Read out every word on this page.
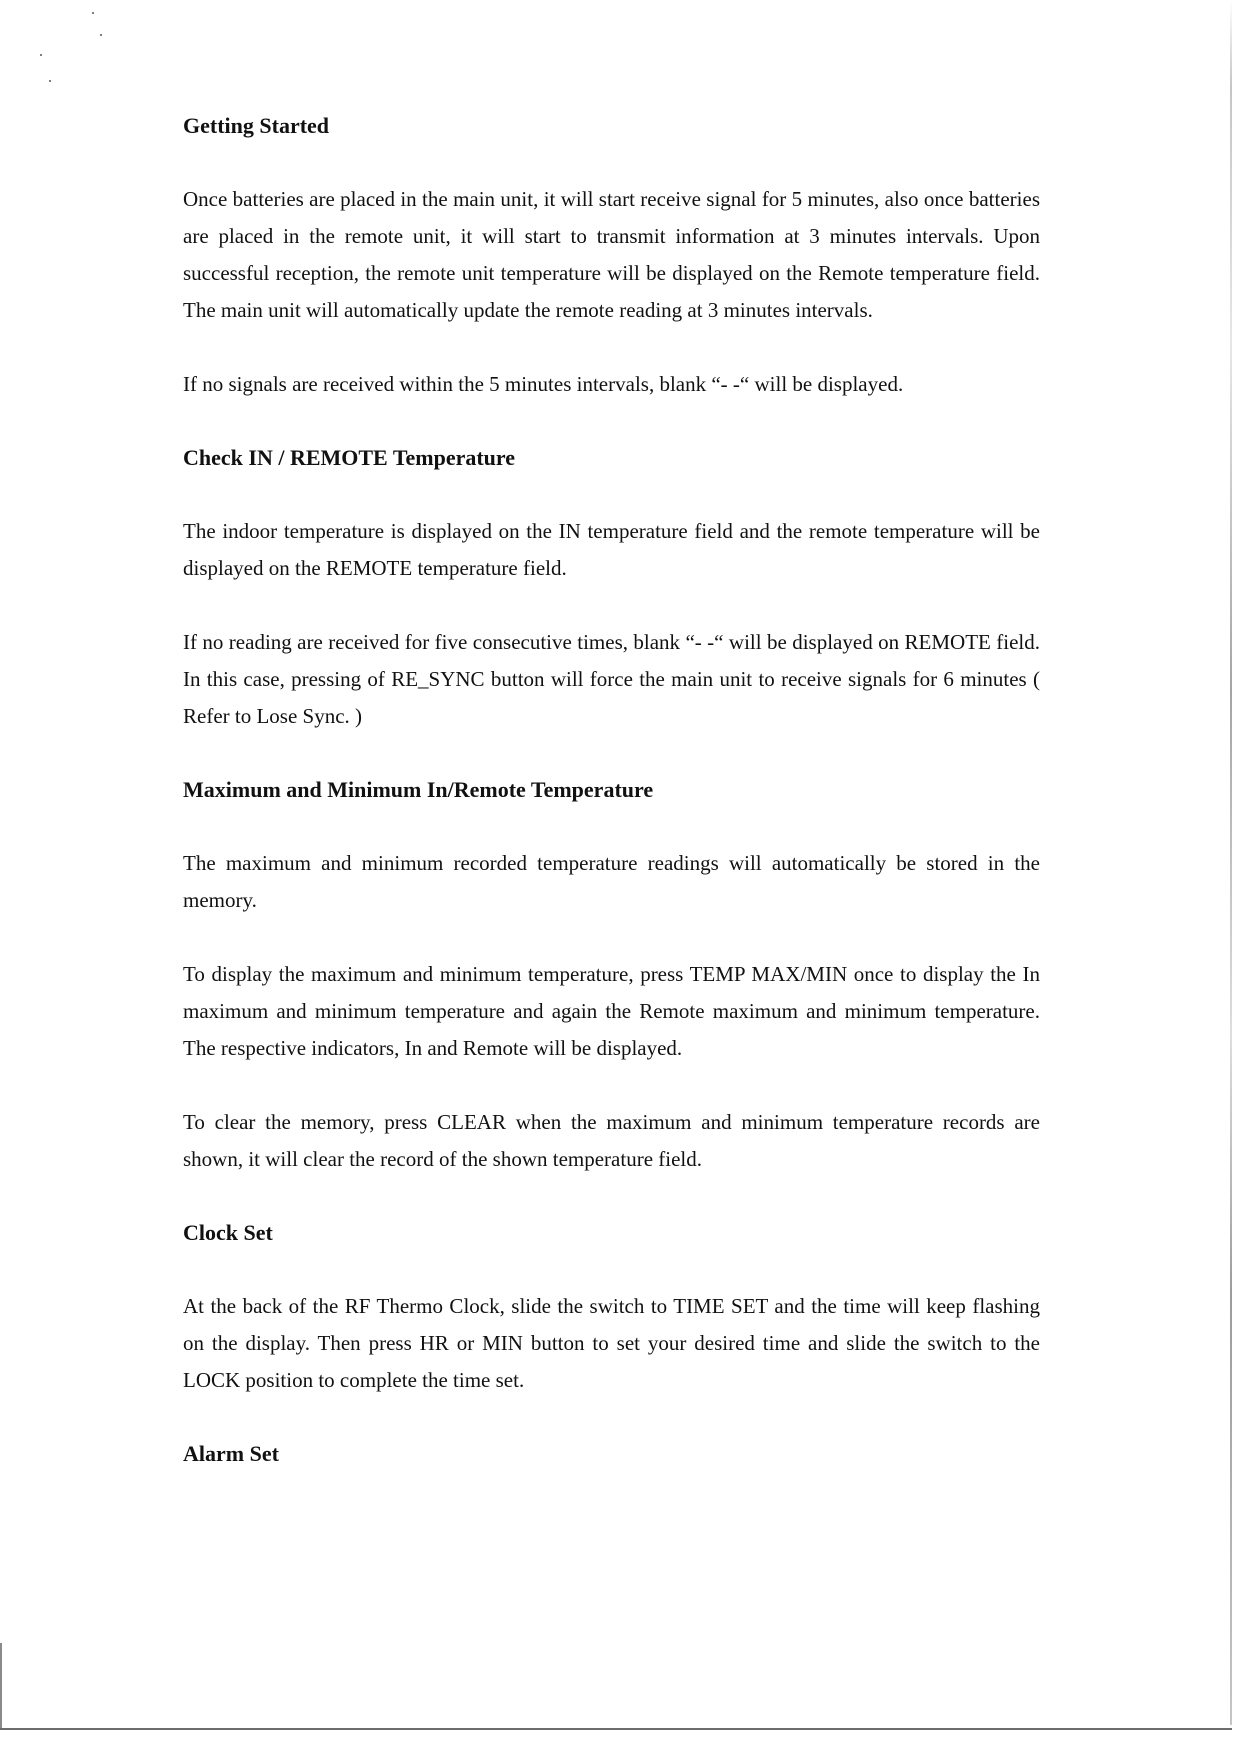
Getting Started

Once batteries are placed in the main unit, it will start receive signal for 5 minutes, also once batteries are placed in the remote unit, it will start to transmit information at 3 minutes intervals. Upon successful reception, the remote unit temperature will be displayed on the Remote temperature field. The main unit will automatically update the remote reading at 3 minutes intervals.

If no signals are received within the 5 minutes intervals, blank “- -“ will be displayed.

Check IN / REMOTE Temperature

The indoor temperature is displayed on the IN temperature field and the remote temperature will be displayed on the REMOTE temperature field.

If no reading are received for five consecutive times, blank “- -“ will be displayed on REMOTE field. In this case, pressing of RE_SYNC button will force the main unit to receive signals for 6 minutes ( Refer to Lose Sync. )

Maximum and Minimum In/Remote Temperature

The maximum and minimum recorded temperature readings will automatically be stored in the memory.

To display the maximum and minimum temperature, press TEMP MAX/MIN once to display the In maximum and minimum temperature and again the Remote maximum and minimum temperature. The respective indicators, In and Remote will be displayed.

To clear the memory, press CLEAR when the maximum and minimum temperature records are shown, it will clear the record of the shown temperature field.

Clock Set

At the back of the RF Thermo Clock, slide the switch to TIME SET and the time will keep flashing on the display. Then press HR or MIN button to set your desired time and slide the switch to the LOCK position to complete the time set.

Alarm Set
